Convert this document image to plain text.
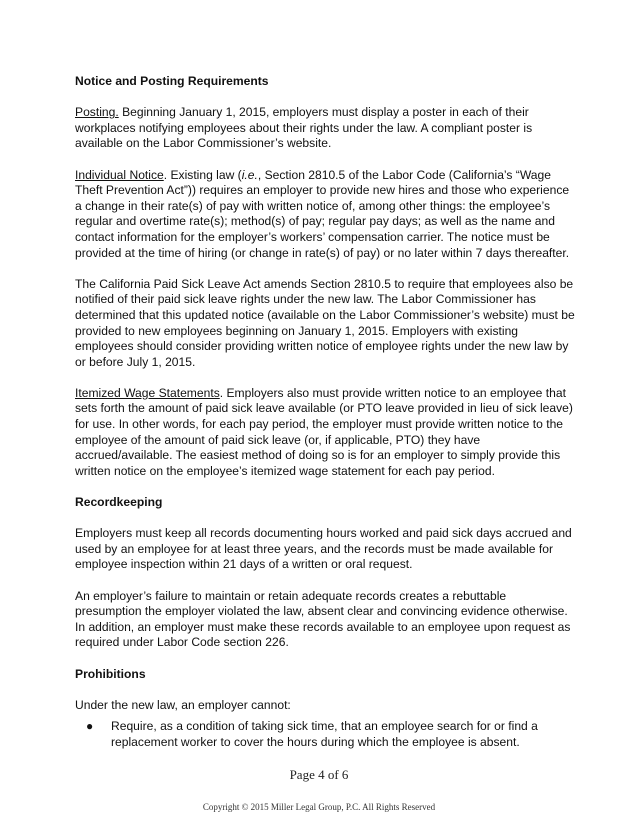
Notice and Posting Requirements

Posting. Beginning January 1, 2015, employers must display a poster in each of their workplaces notifying employees about their rights under the law. A compliant poster is available on the Labor Commissioner’s website.

Individual Notice. Existing law (i.e., Section 2810.5 of the Labor Code (California’s “Wage Theft Prevention Act”)) requires an employer to provide new hires and those who experience a change in their rate(s) of pay with written notice of, among other things: the employee’s regular and overtime rate(s); method(s) of pay; regular pay days; as well as the name and contact information for the employer’s workers’ compensation carrier. The notice must be provided at the time of hiring (or change in rate(s) of pay) or no later within 7 days thereafter.

The California Paid Sick Leave Act amends Section 2810.5 to require that employees also be notified of their paid sick leave rights under the new law. The Labor Commissioner has determined that this updated notice (available on the Labor Commissioner’s website) must be provided to new employees beginning on January 1, 2015. Employers with existing employees should consider providing written notice of employee rights under the new law by or before July 1, 2015.

Itemized Wage Statements. Employers also must provide written notice to an employee that sets forth the amount of paid sick leave available (or PTO leave provided in lieu of sick leave) for use. In other words, for each pay period, the employer must provide written notice to the employee of the amount of paid sick leave (or, if applicable, PTO) they have accrued/available. The easiest method of doing so is for an employer to simply provide this written notice on the employee’s itemized wage statement for each pay period.

Recordkeeping

Employers must keep all records documenting hours worked and paid sick days accrued and used by an employee for at least three years, and the records must be made available for employee inspection within 21 days of a written or oral request.

An employer’s failure to maintain or retain adequate records creates a rebuttable presumption the employer violated the law, absent clear and convincing evidence otherwise. In addition, an employer must make these records available to an employee upon request as required under Labor Code section 226.

Prohibitions

Under the new law, an employer cannot:

● Require, as a condition of taking sick time, that an employee search for or find a replacement worker to cover the hours during which the employee is absent.
Page 4 of 6
Copyright © 2015 Miller Legal Group, P.C. All Rights Reserved
